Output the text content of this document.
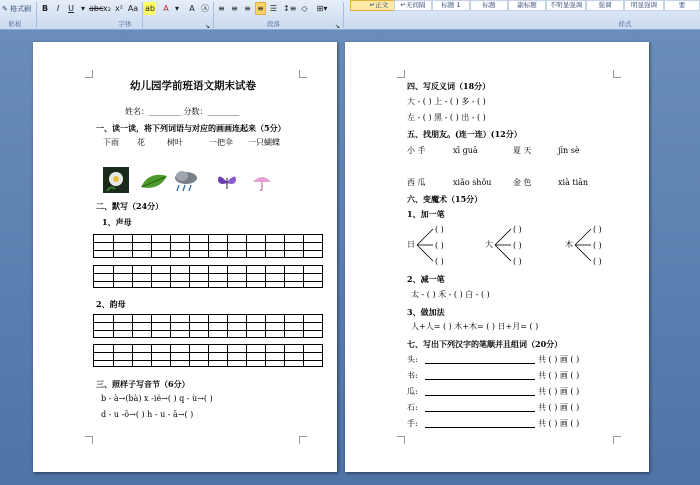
✎ 格式刷
贴板
B	I	U ▾ abc x₂ x² Aa ab	A ▾	A Ⓐ
字体	↘
≡ ≡ ≡ ≡ ☰ ↕≡ ◇	⊞▾
段落	↘
↵正文	↵无间隔	标题 1	标题	副标题	不明显强调	强调	明显强调	要
样式
幼儿园学前班语文期末试卷
姓名：________ 分数：________
一、读一读，将下列词语与对应的画画连起来（5分）
下雨 花	树叶	一把伞 一只蝴蝶
二、默写（24分）
1、声母
2、韵母
三、照样子写音节（6分）
b - à→(bà) x -ié→( ) q - ù→( )
d - u -ō→( ) h - u - ā→( )
四、写反义词（18分）
大 - ( ) 上 - ( ) 多 - ( )
左 - ( ) 黑 - ( ) 出 - ( )
五、找朋友。(连一连）(12分）
小 手	xī guā	夏 天	jīn sè
西 瓜	xiǎo shǒu	金 色	xià tiān
六、变魔术（15分）
1、加一笔
( )
( )
( )
( )
( )
( )
( )
( )
( )
日	大	木
2、减一笔
太 - ( ) 禾 - ( ) 白 - ( )
3、做加法
人+人= ( ) 木+木= ( ) 日+月= ( )
七、写出下列汉字的笔顺并且组词（20分）
头:	共 ( ) 画 ( )
书:	共 ( ) 画 ( )
瓜:	共 ( ) 画 ( )
石:	共 ( ) 画 ( )
手:	共 ( ) 画 ( )
